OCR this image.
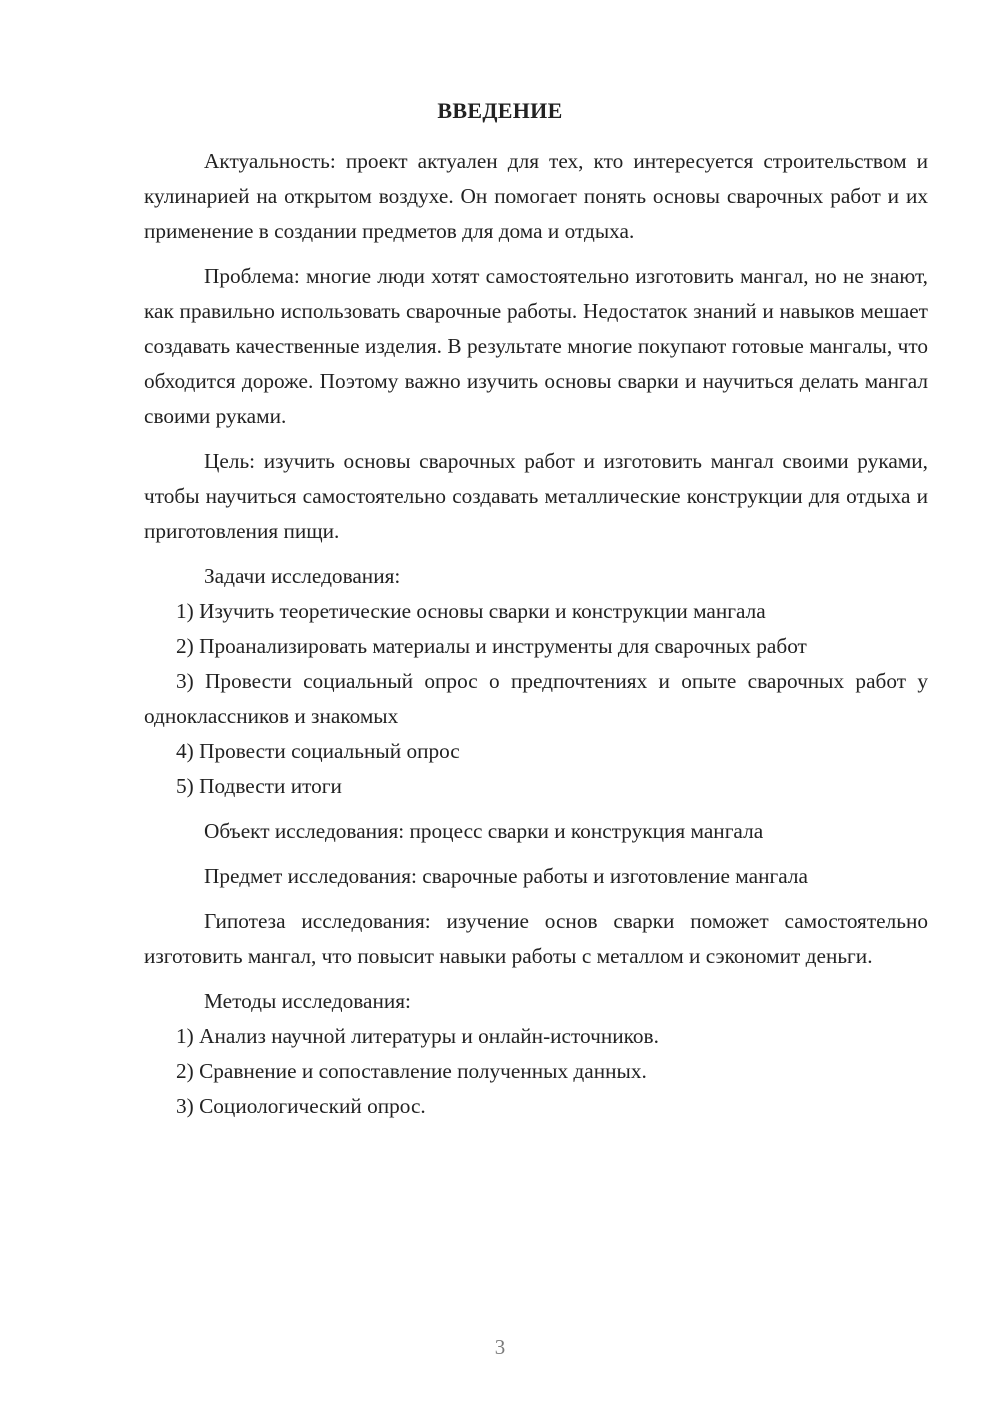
ВВЕДЕНИЕ

Актуальность: проект актуален для тех, кто интересуется строительством и кулинарией на открытом воздухе. Он помогает понять основы сварочных работ и их применение в создании предметов для дома и отдыха.

Проблема: многие люди хотят самостоятельно изготовить мангал, но не знают, как правильно использовать сварочные работы. Недостаток знаний и навыков мешает создавать качественные изделия. В результате многие покупают готовые мангалы, что обходится дороже. Поэтому важно изучить основы сварки и научиться делать мангал своими руками.

Цель: изучить основы сварочных работ и изготовить мангал своими руками, чтобы научиться самостоятельно создавать металлические конструкции для отдыха и приготовления пищи.

Задачи исследования:

1) Изучить теоретические основы сварки и конструкции мангала

2) Проанализировать материалы и инструменты для сварочных работ

3) Провести социальный опрос о предпочтениях и опыте сварочных работ у одноклассников и знакомых

4) Провести социальный опрос

5) Подвести итоги

Объект исследования: процесс сварки и конструкция мангала

Предмет исследования: сварочные работы и изготовление мангала

Гипотеза исследования: изучение основ сварки поможет самостоятельно изготовить мангал, что повысит навыки работы с металлом и сэкономит деньги.

Методы исследования:

1) Анализ научной литературы и онлайн-источников.

2) Сравнение и сопоставление полученных данных.

3) Социологический опрос.

3
